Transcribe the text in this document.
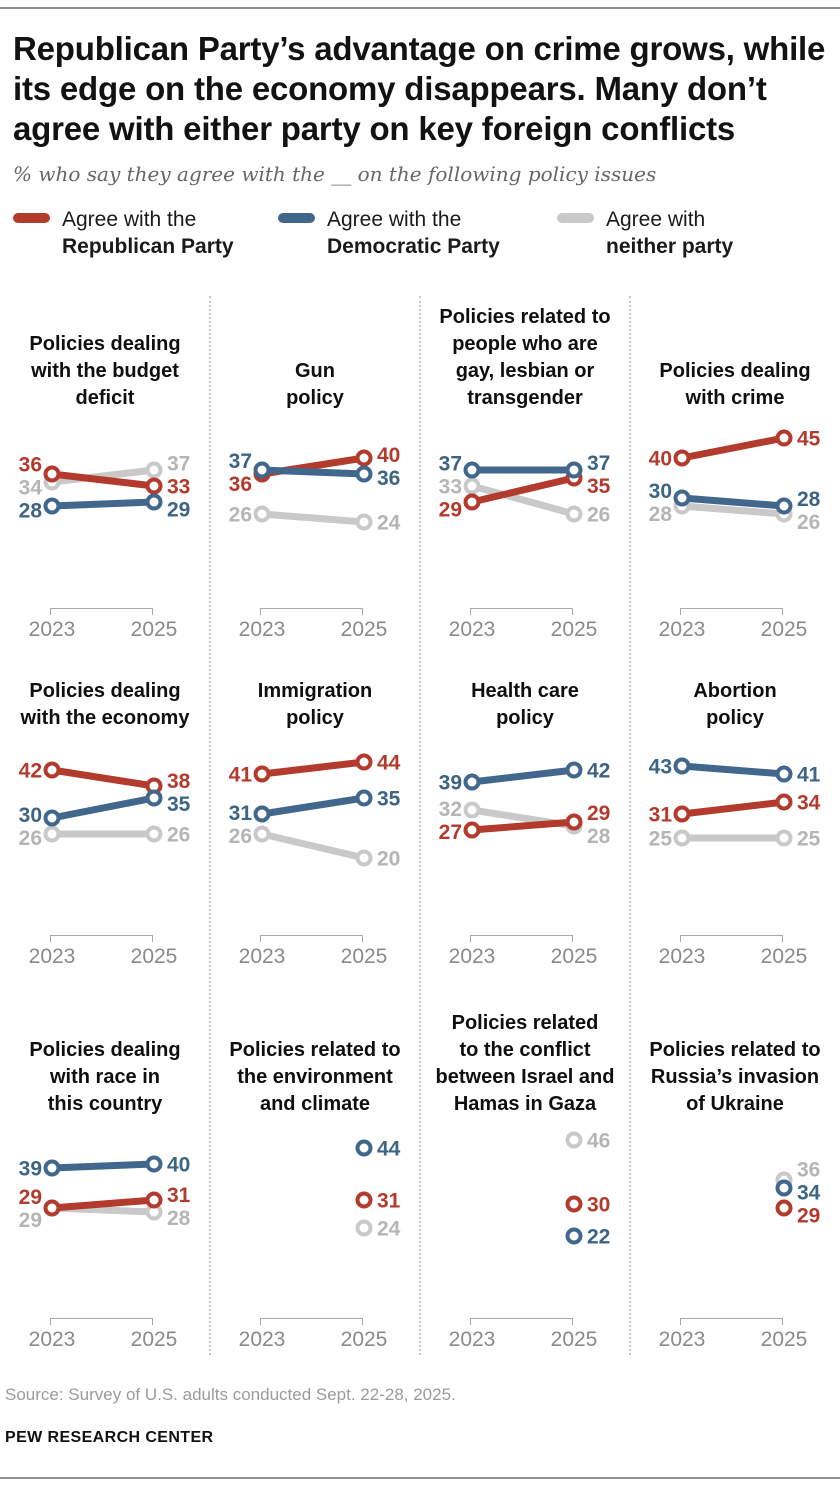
Republican Party’s advantage on crime grows, while
its edge on the economy disappears. Many don’t
agree with either party on key foreign conflicts
% who say they agree with the __ on the following policy issues
Agree with the
Republican Party
Agree with the
Democratic Party
Agree with
neither party
Policies dealing
with the budget
deficit
36
34
28
37
33
29
2023	2025
Gun
policy
37
36
26
40
36
24
2023	2025
Policies related to
people who are
gay, lesbian or
transgender
37
33
29
37
35
26
2023	2025
Policies dealing
with crime
40
30
28
45
28
26
2023	2025
Policies dealing
with the economy
42
30
26
38
35
26
2023	2025
Immigration
policy
41
31
26
44
35
20
2023	2025
Health care
policy
39
32
27
42
29
28
2023	2025
Abortion
policy
43
31
25
41
34
25
2023	2025
Policies dealing
with race in
this country
39
29
29
40
31
28
2023	2025
Policies related to
the environment
and climate
44
31
24
2023	2025
Policies related
to the conflict
between Israel and
Hamas in Gaza
46
30
22
2023	2025
Policies related to
Russia’s invasion
of Ukraine
36
34
29
2023	2025
Source: Survey of U.S. adults conducted Sept. 22-28, 2025.
PEW RESEARCH CENTER
